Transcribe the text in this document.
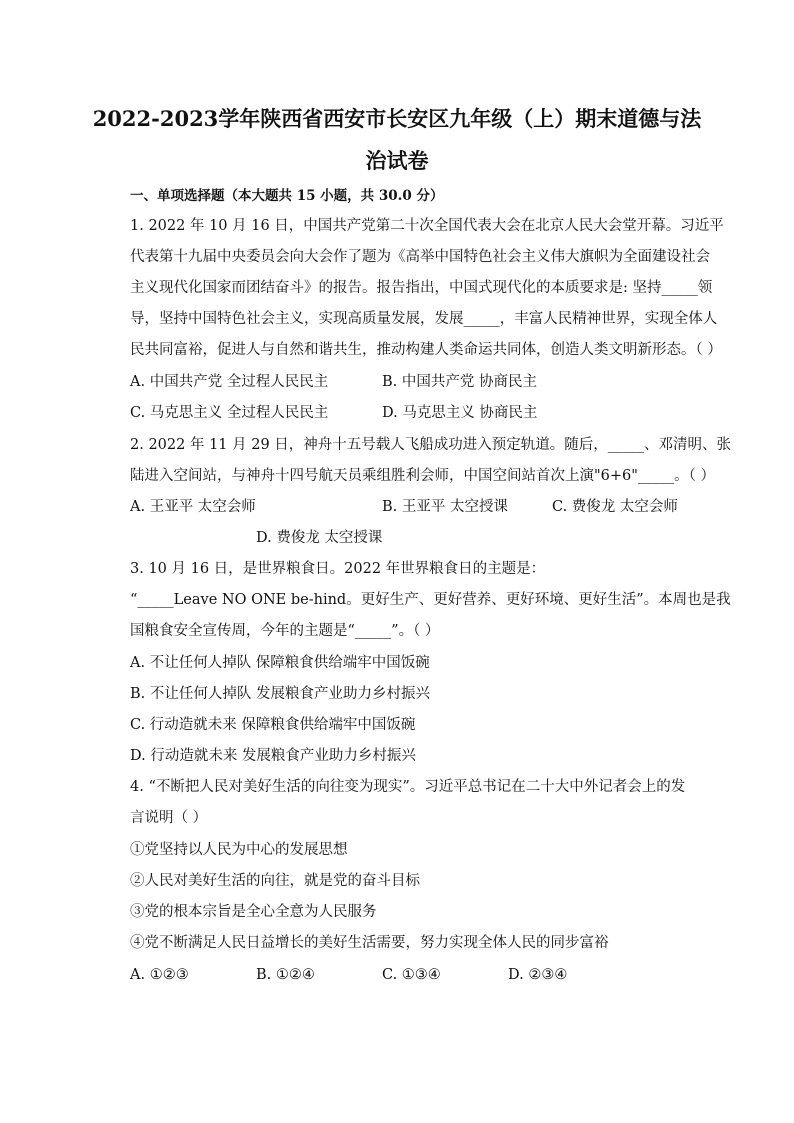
2022-2023学年陕西省西安市长安区九年级（上）期末道德与法
治试卷
一、单项选择题（本大题共 15 小题，共 30.0 分）
1. 2022 年 10 月 16 日，中国共产党第二十次全国代表大会在北京人民大会堂开幕。习近平
代表第十九届中央委员会向大会作了题为《高举中国特色社会主义伟大旗帜为全面建设社会
主义现代化国家而团结奋斗》的报告。报告指出，中国式现代化的本质要求是: 坚持_____领
导，坚持中国特色社会主义，实现高质量发展，发展_____，丰富人民精神世界，实现全体人
民共同富裕，促进人与自然和谐共生，推动构建人类命运共同体，创造人类文明新形态。（ ）
A. 中国共产党 全过程人民民主	B. 中国共产党 协商民主
C. 马克思主义 全过程人民民主	D. 马克思主义 协商民主
2. 2022 年 11 月 29 日，神舟十五号载人飞船成功进入预定轨道。随后，_____、邓清明、张
陆进入空间站，与神舟十四号航天员乘组胜利会师，中国空间站首次上演"6+6"_____。（ ）
A. 王亚平 太空会师	B. 王亚平 太空授课	C. 费俊龙 太空会师
D. 费俊龙 太空授课
3. 10 月 16 日，是世界粮食日。2022 年世界粮食日的主题是：
“_____Leave NO ONE be-hind。更好生产、更好营养、更好环境、更好生活”。本周也是我
国粮食安全宣传周，今年的主题是“_____”。（ ）
A. 不让任何人掉队 保障粮食供给端牢中国饭碗
B. 不让任何人掉队 发展粮食产业助力乡村振兴
C. 行动造就未来 保障粮食供给端牢中国饭碗
D. 行动造就未来 发展粮食产业助力乡村振兴
4. “不断把人民对美好生活的向往变为现实”。习近平总书记在二十大中外记者会上的发
言说明（ ）
①党坚持以人民为中心的发展思想
②人民对美好生活的向往，就是党的奋斗目标
③党的根本宗旨是全心全意为人民服务
④党不断满足人民日益增长的美好生活需要，努力实现全体人民的同步富裕
A. ①②③	B. ①②④	C. ①③④	D. ②③④
